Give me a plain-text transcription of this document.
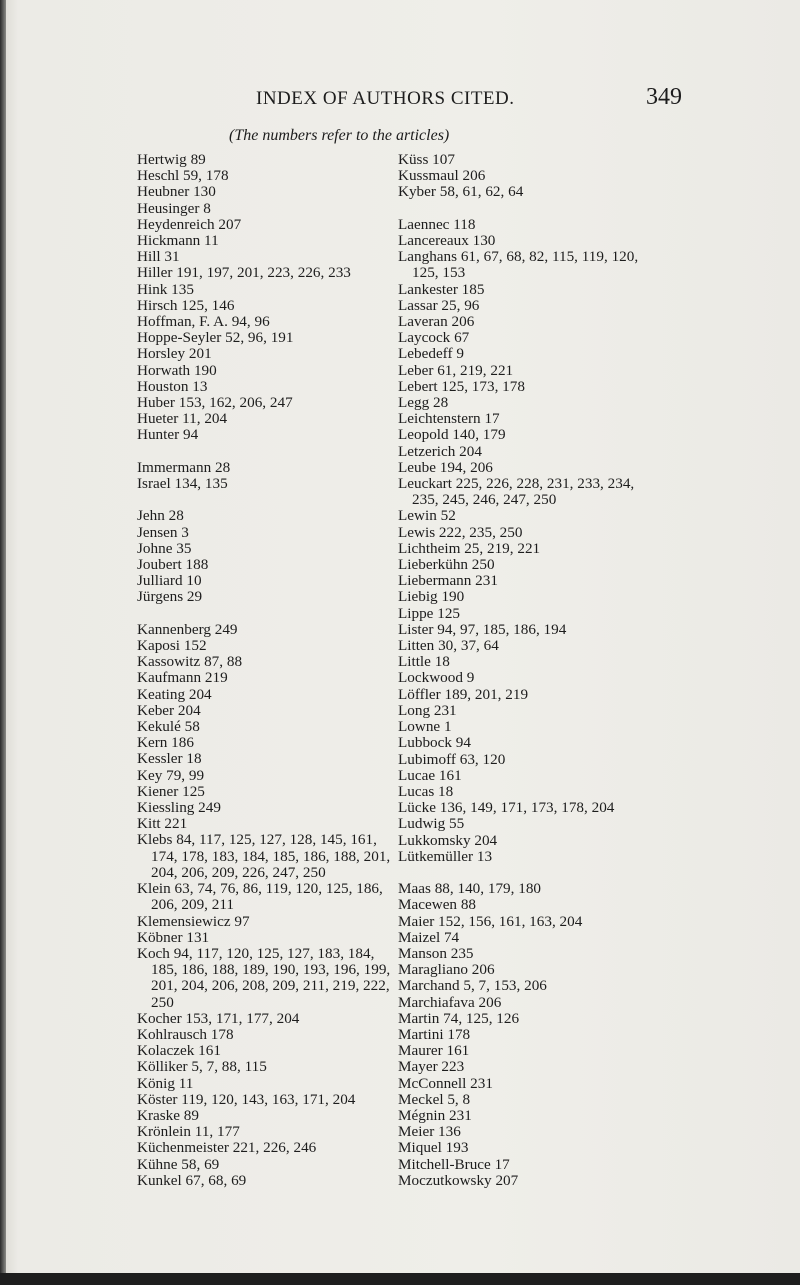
INDEX OF AUTHORS CITED.	349
(The numbers refer to the articles)
Hertwig 89
Heschl 59, 178
Heubner 130
Heusinger 8
Heydenreich 207
Hickmann 11
Hill 31
Hiller 191, 197, 201, 223, 226, 233
Hink 135
Hirsch 125, 146
Hoffman, F. A. 94, 96
Hoppe-Seyler 52, 96, 191
Horsley 201
Horwath 190
Houston 13
Huber 153, 162, 206, 247
Hueter 11, 204
Hunter 94
Immermann 28
Israel 134, 135
Jehn 28
Jensen 3
Johne 35
Joubert 188
Julliard 10
Jürgens 29
Kannenberg 249
Kaposi 152
Kassowitz 87, 88
Kaufmann 219
Keating 204
Keber 204
Kekulé 58
Kern 186
Kessler 18
Key 79, 99
Kiener 125
Kiessling 249
Kitt 221
Klebs 84, 117, 125, 127, 128, 145, 161,
174, 178, 183, 184, 185, 186, 188, 201,
204, 206, 209, 226, 247, 250
Klein 63, 74, 76, 86, 119, 120, 125, 186,
206, 209, 211
Klemensiewicz 97
Köbner 131
Koch 94, 117, 120, 125, 127, 183, 184,
185, 186, 188, 189, 190, 193, 196, 199,
201, 204, 206, 208, 209, 211, 219, 222,
250
Kocher 153, 171, 177, 204
Kohlrausch 178
Kolaczek 161
Kölliker 5, 7, 88, 115
König 11
Köster 119, 120, 143, 163, 171, 204
Kraske 89
Krönlein 11, 177
Küchenmeister 221, 226, 246
Kühne 58, 69
Kunkel 67, 68, 69
Küss 107
Kussmaul 206
Kyber 58, 61, 62, 64
Laennec 118
Lancereaux 130
Langhans 61, 67, 68, 82, 115, 119, 120,
125, 153
Lankester 185
Lassar 25, 96
Laveran 206
Laycock 67
Lebedeff 9
Leber 61, 219, 221
Lebert 125, 173, 178
Legg 28
Leichtenstern 17
Leopold 140, 179
Letzerich 204
Leube 194, 206
Leuckart 225, 226, 228, 231, 233, 234,
235, 245, 246, 247, 250
Lewin 52
Lewis 222, 235, 250
Lichtheim 25, 219, 221
Lieberkühn 250
Liebermann 231
Liebig 190
Lippe 125
Lister 94, 97, 185, 186, 194
Litten 30, 37, 64
Little 18
Lockwood 9
Löffler 189, 201, 219
Long 231
Lowne 1
Lubbock 94
Lubimoff 63, 120
Lucae 161
Lucas 18
Lücke 136, 149, 171, 173, 178, 204
Ludwig 55
Lukkomsky 204
Lütkemüller 13
Maas 88, 140, 179, 180
Macewen 88
Maier 152, 156, 161, 163, 204
Maizel 74
Manson 235
Maragliano 206
Marchand 5, 7, 153, 206
Marchiafava 206
Martin 74, 125, 126
Martini 178
Maurer 161
Mayer 223
McConnell 231
Meckel 5, 8
Mégnin 231
Meier 136
Miquel 193
Mitchell-Bruce 17
Moczutkowsky 207
